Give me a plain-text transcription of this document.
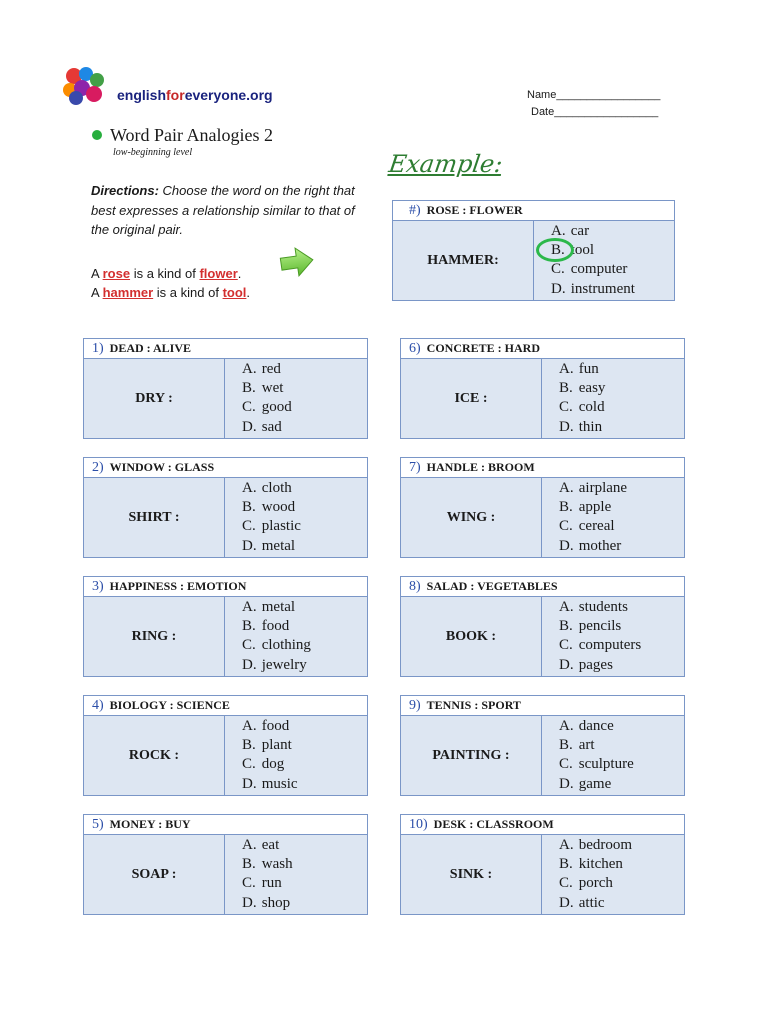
englishforeveryone.org	Name_________________
Date_________________
Word Pair Analogies 2
low-beginning level	Example:
Directions: Choose the word on the right that best expresses a relationship similar to that of the original pair.
A rose is a kind of flower.
A hammer is a kind of tool.
#) ROSE : FLOWER
HAMMER:
A. car
B. tool
C. computer
D. instrument
1) DEAD : ALIVE
DRY :
A. red
B. wet
C. good
D. sad
2) WINDOW : GLASS
SHIRT :
A. cloth
B. wood
C. plastic
D. metal
3) HAPPINESS : EMOTION
RING :
A. metal
B. food
C. clothing
D. jewelry
4) BIOLOGY : SCIENCE
ROCK :
A. food
B. plant
C. dog
D. music
5) MONEY : BUY
SOAP :
A. eat
B. wash
C. run
D. shop
6) CONCRETE : HARD
ICE :
A. fun
B. easy
C. cold
D. thin
7) HANDLE : BROOM
WING :
A. airplane
B. apple
C. cereal
D. mother
8) SALAD : VEGETABLES
BOOK :
A. students
B. pencils
C. computers
D. pages
9) TENNIS : SPORT
PAINTING :
A. dance
B. art
C. sculpture
D. game
10) DESK : CLASSROOM
SINK :
A. bedroom
B. kitchen
C. porch
D. attic
